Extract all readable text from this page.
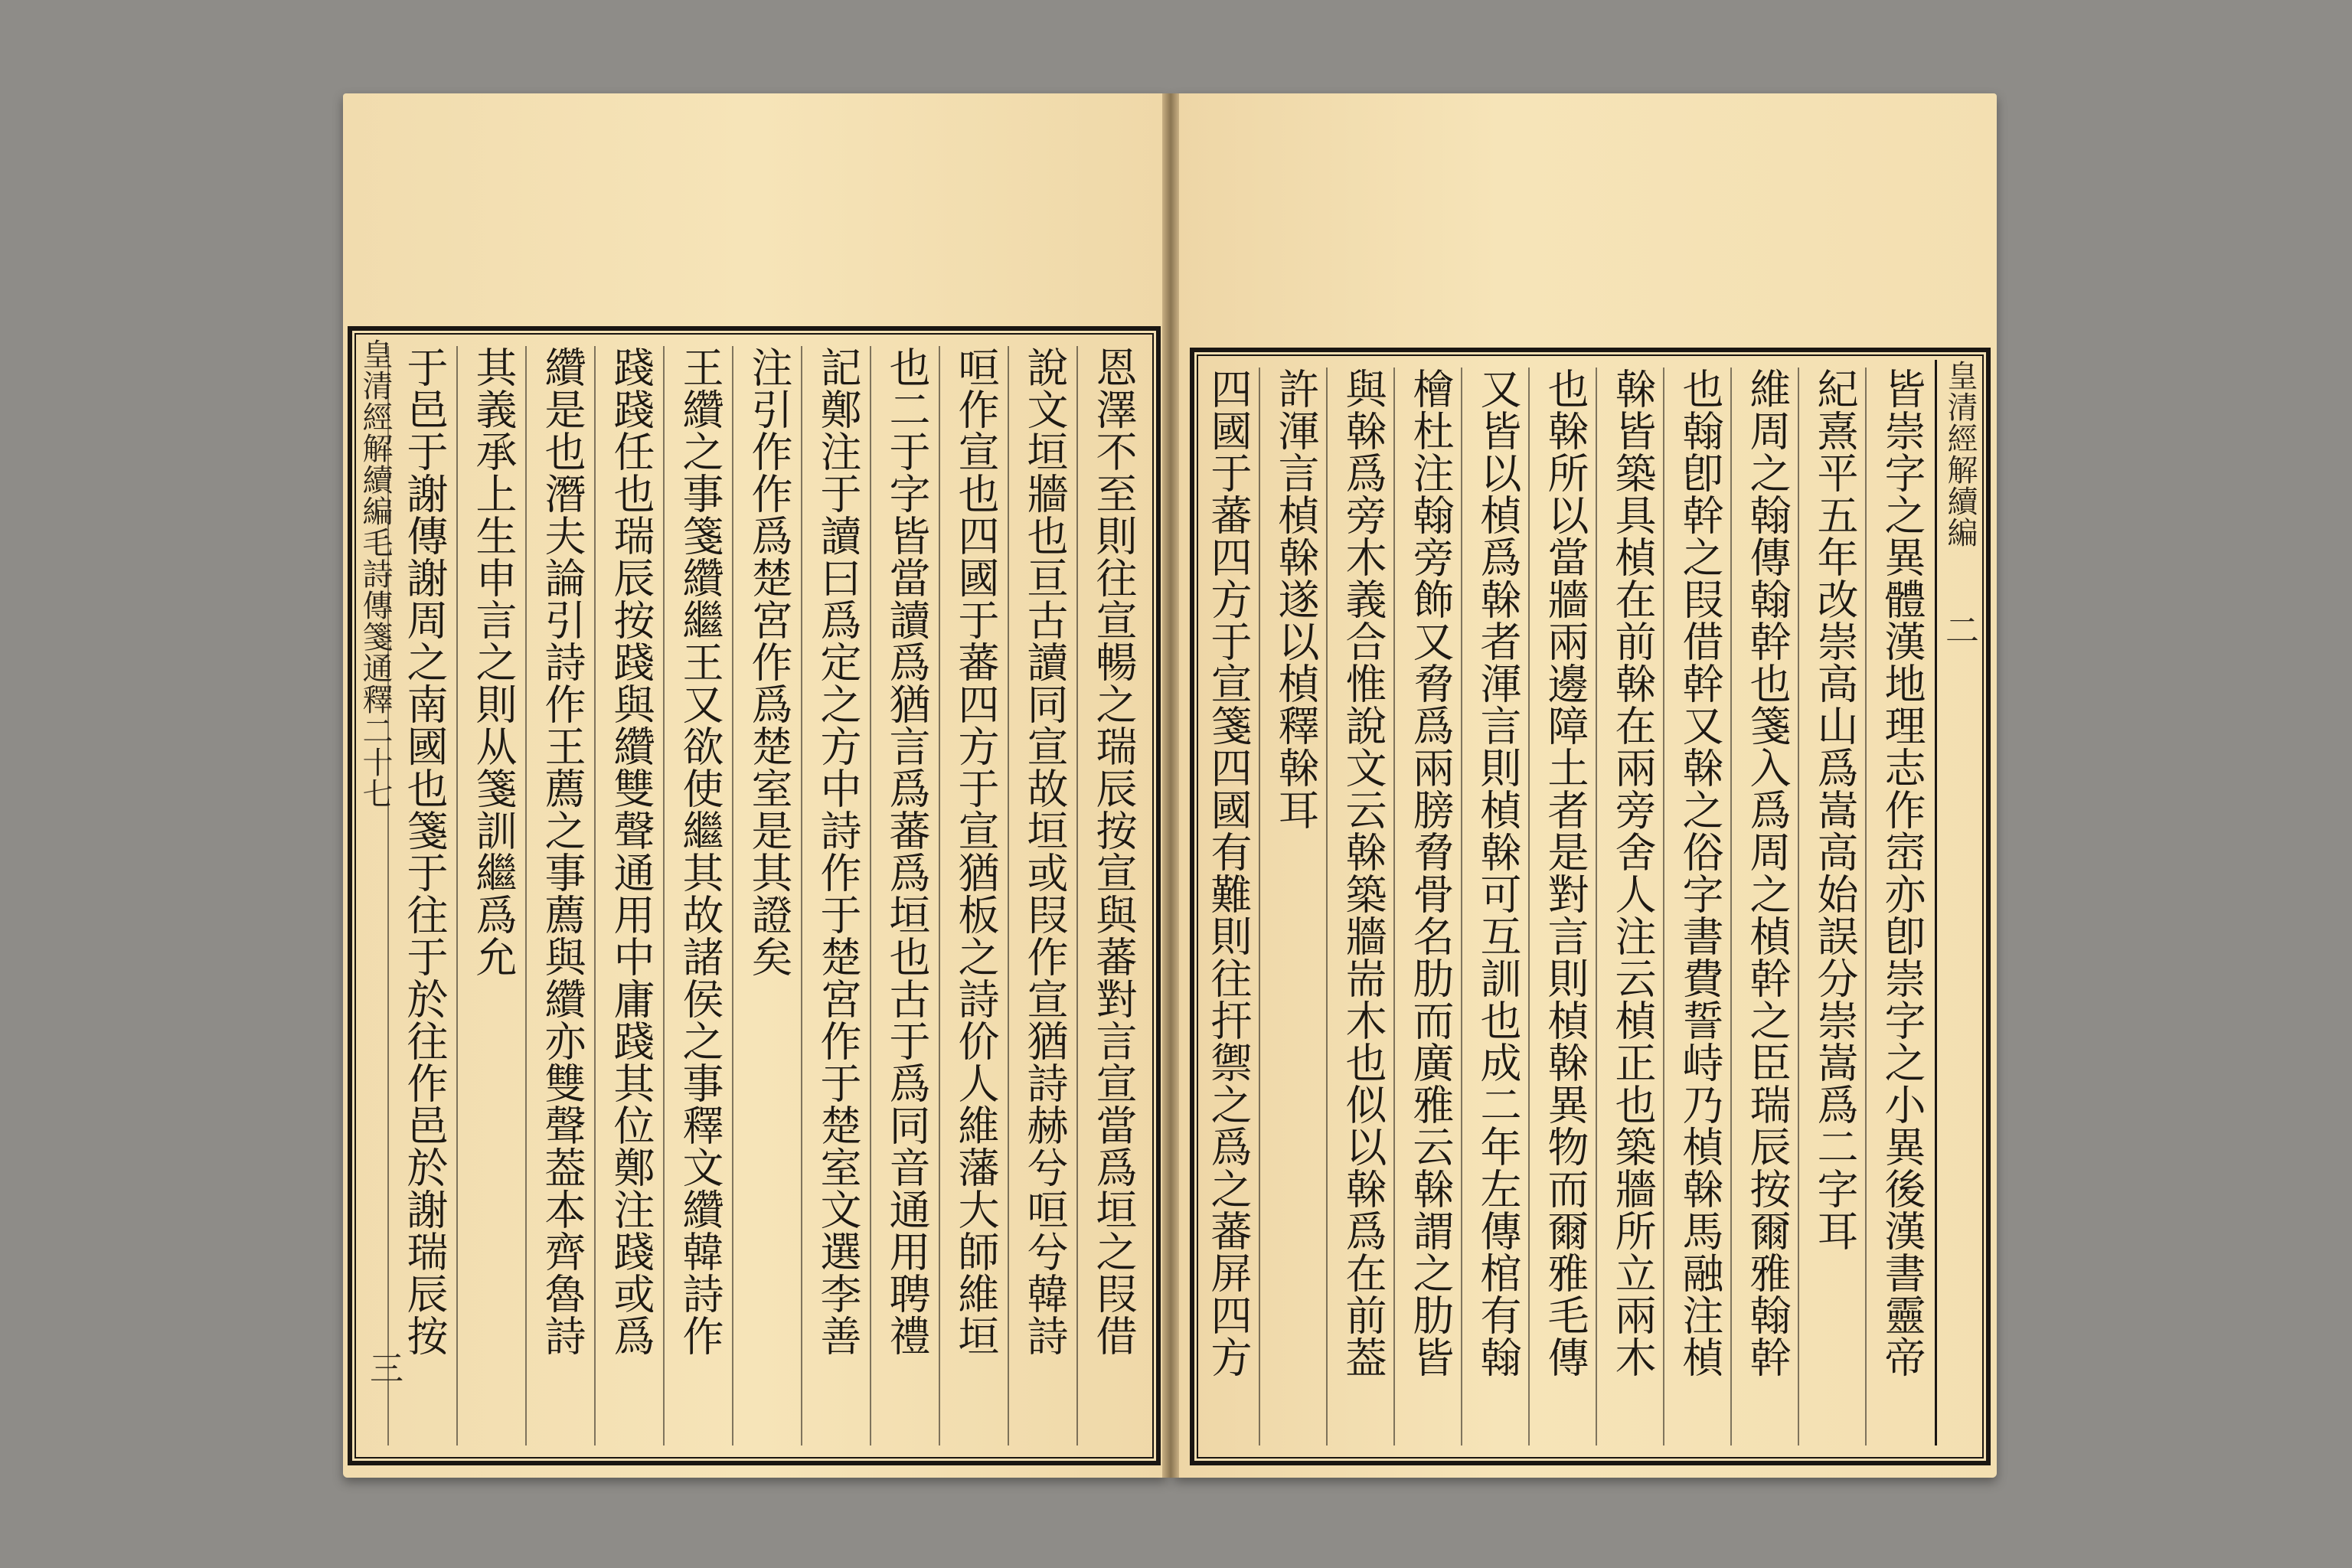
恩澤不至則往宣暢之瑞辰按宣與蕃對言宣當爲垣之叚借
說文垣牆也亘古讀同宣故垣或叚作宣猶詩赫兮咺兮韓詩
咺作宣也四國于蕃四方于宣猶板之詩价人維藩大師維垣
也二于字皆當讀爲猶言爲蕃爲垣也古于爲同音通用聘禮
記鄭注于讀曰爲定之方中詩作于楚宮作于楚室文選李善
注引作作爲楚宮作爲楚室是其證矣
王纘之事箋纘繼王又欲使繼其故諸侯之事釋文纘韓詩作
踐踐任也瑞辰按踐與纘雙聲通用中庸踐其位鄭注踐或爲
纘是也潛夫論引詩作王薦之事薦與纘亦雙聲葢本齊魯詩
其義承上生申言之則从箋訓繼爲允
于邑于謝傳謝周之南國也箋于往于於往作邑於謝瑞辰按
皇清經解續編毛詩傳箋通釋二十七
三
皇清經解續編
皆崇字之異體漢地理志作崈亦卽崇字之小異後漢書靈帝
紀熹平五年改崇高山爲嵩高始誤分崇嵩爲二字耳
維周之翰傳翰幹也箋入爲周之楨幹之臣瑞辰按爾雅翰幹
也翰卽幹之叚借幹又榦之俗字書費誓峙乃楨榦馬融注楨
榦皆築具楨在前榦在兩旁舍人注云楨正也築牆所立兩木
也榦所以當牆兩邊障土者是對言則楨榦異物而爾雅毛傳
又皆以楨爲榦者渾言則楨榦可互訓也成二年左傳棺有翰
檜杜注翰旁飾又脅爲兩膀脅骨名肋而廣雅云榦謂之肋皆
與榦爲旁木義合惟說文云榦築牆耑木也似以榦爲在前葢
許渾言楨榦遂以楨釋榦耳
四國于蕃四方于宣箋四國有難則往扞禦之爲之蕃屏四方	二
